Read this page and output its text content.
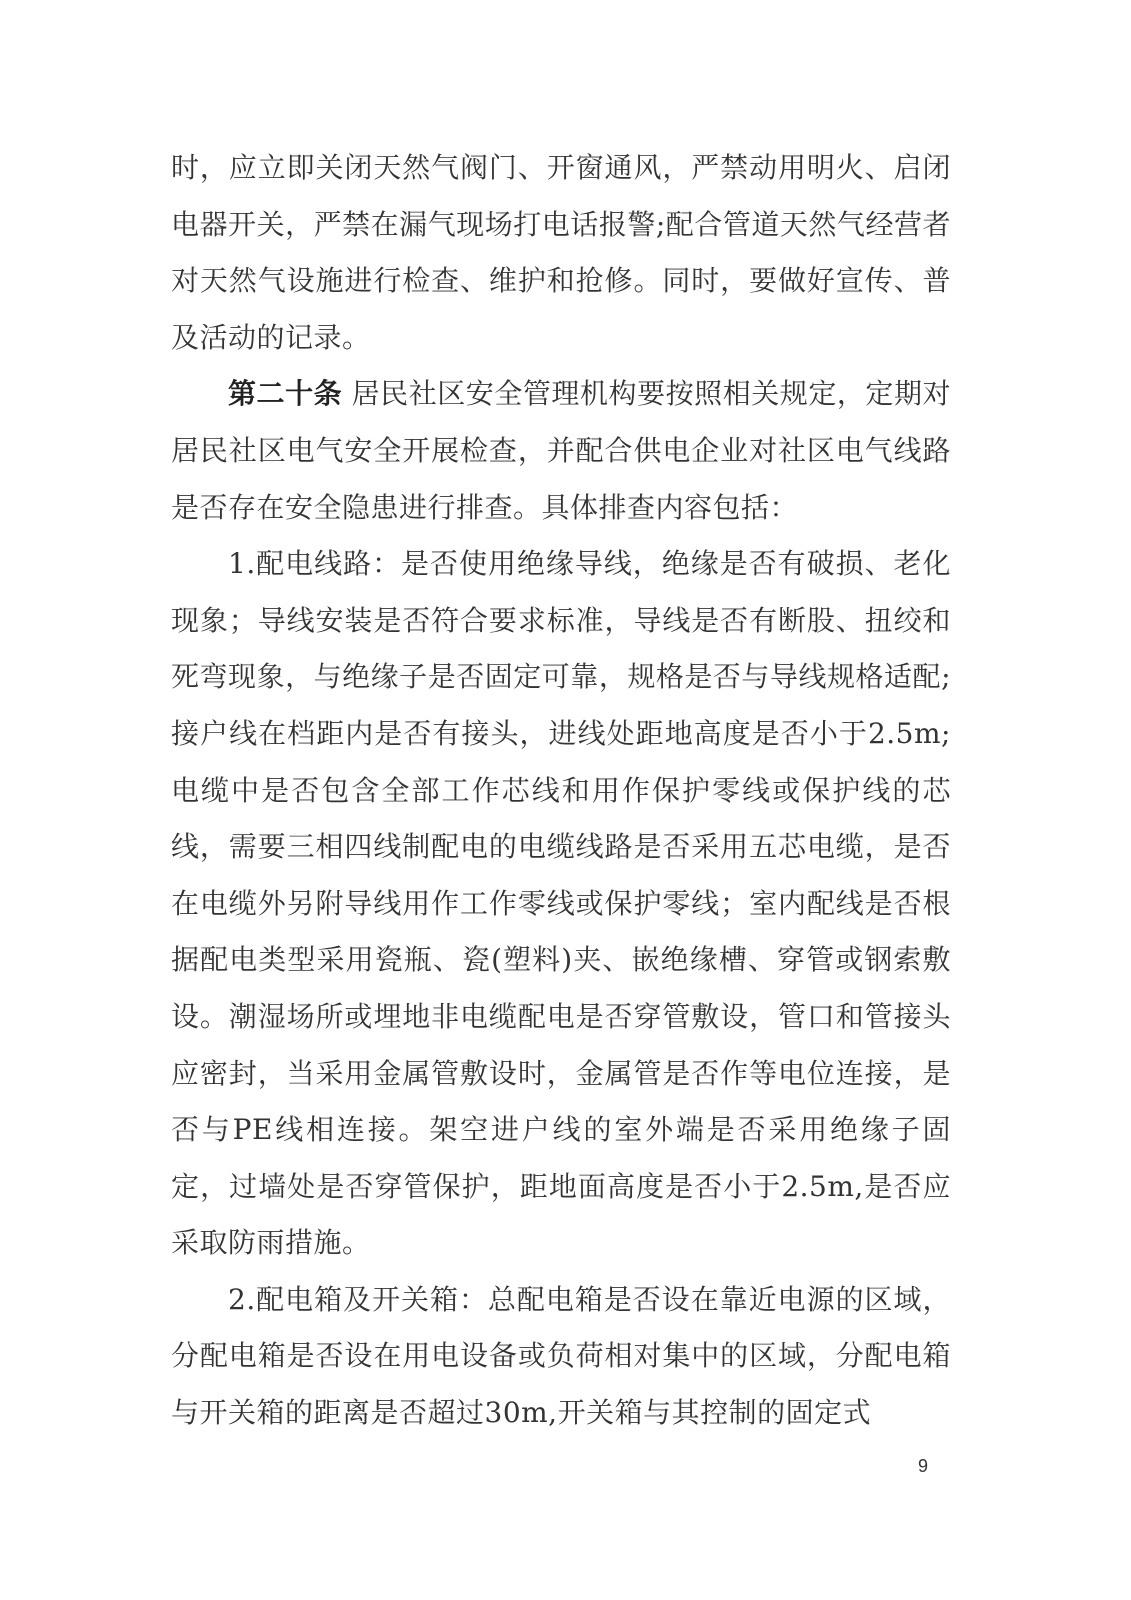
时，应立即关闭天然气阀门、开窗通风，严禁动用明火、启闭电器开关，严禁在漏气现场打电话报警;配合管道天然气经营者对天然气设施进行检查、维护和抢修。同时，要做好宣传、普及活动的记录。

第二十条 居民社区安全管理机构要按照相关规定，定期对居民社区电气安全开展检查，并配合供电企业对社区电气线路是否存在安全隐患进行排查。具体排查内容包括：

1.配电线路：是否使用绝缘导线，绝缘是否有破损、老化现象；导线安装是否符合要求标准，导线是否有断股、扭绞和死弯现象，与绝缘子是否固定可靠，规格是否与导线规格适配;接户线在档距内是否有接头，进线处距地高度是否小于2.5m;电缆中是否包含全部工作芯线和用作保护零线或保护线的芯线，需要三相四线制配电的电缆线路是否采用五芯电缆，是否在电缆外另附导线用作工作零线或保护零线；室内配线是否根据配电类型采用瓷瓶、瓷(塑料)夹、嵌绝缘槽、穿管或钢索敷设。潮湿场所或埋地非电缆配电是否穿管敷设，管口和管接头应密封，当采用金属管敷设时，金属管是否作等电位连接，是否与PE线相连接。架空进户线的室外端是否采用绝缘子固定，过墙处是否穿管保护，距地面高度是否小于2.5m,是否应采取防雨措施。

2.配电箱及开关箱：总配电箱是否设在靠近电源的区域，分配电箱是否设在用电设备或负荷相对集中的区域，分配电箱与开关箱的距离是否超过30m,开关箱与其控制的固定式

9
